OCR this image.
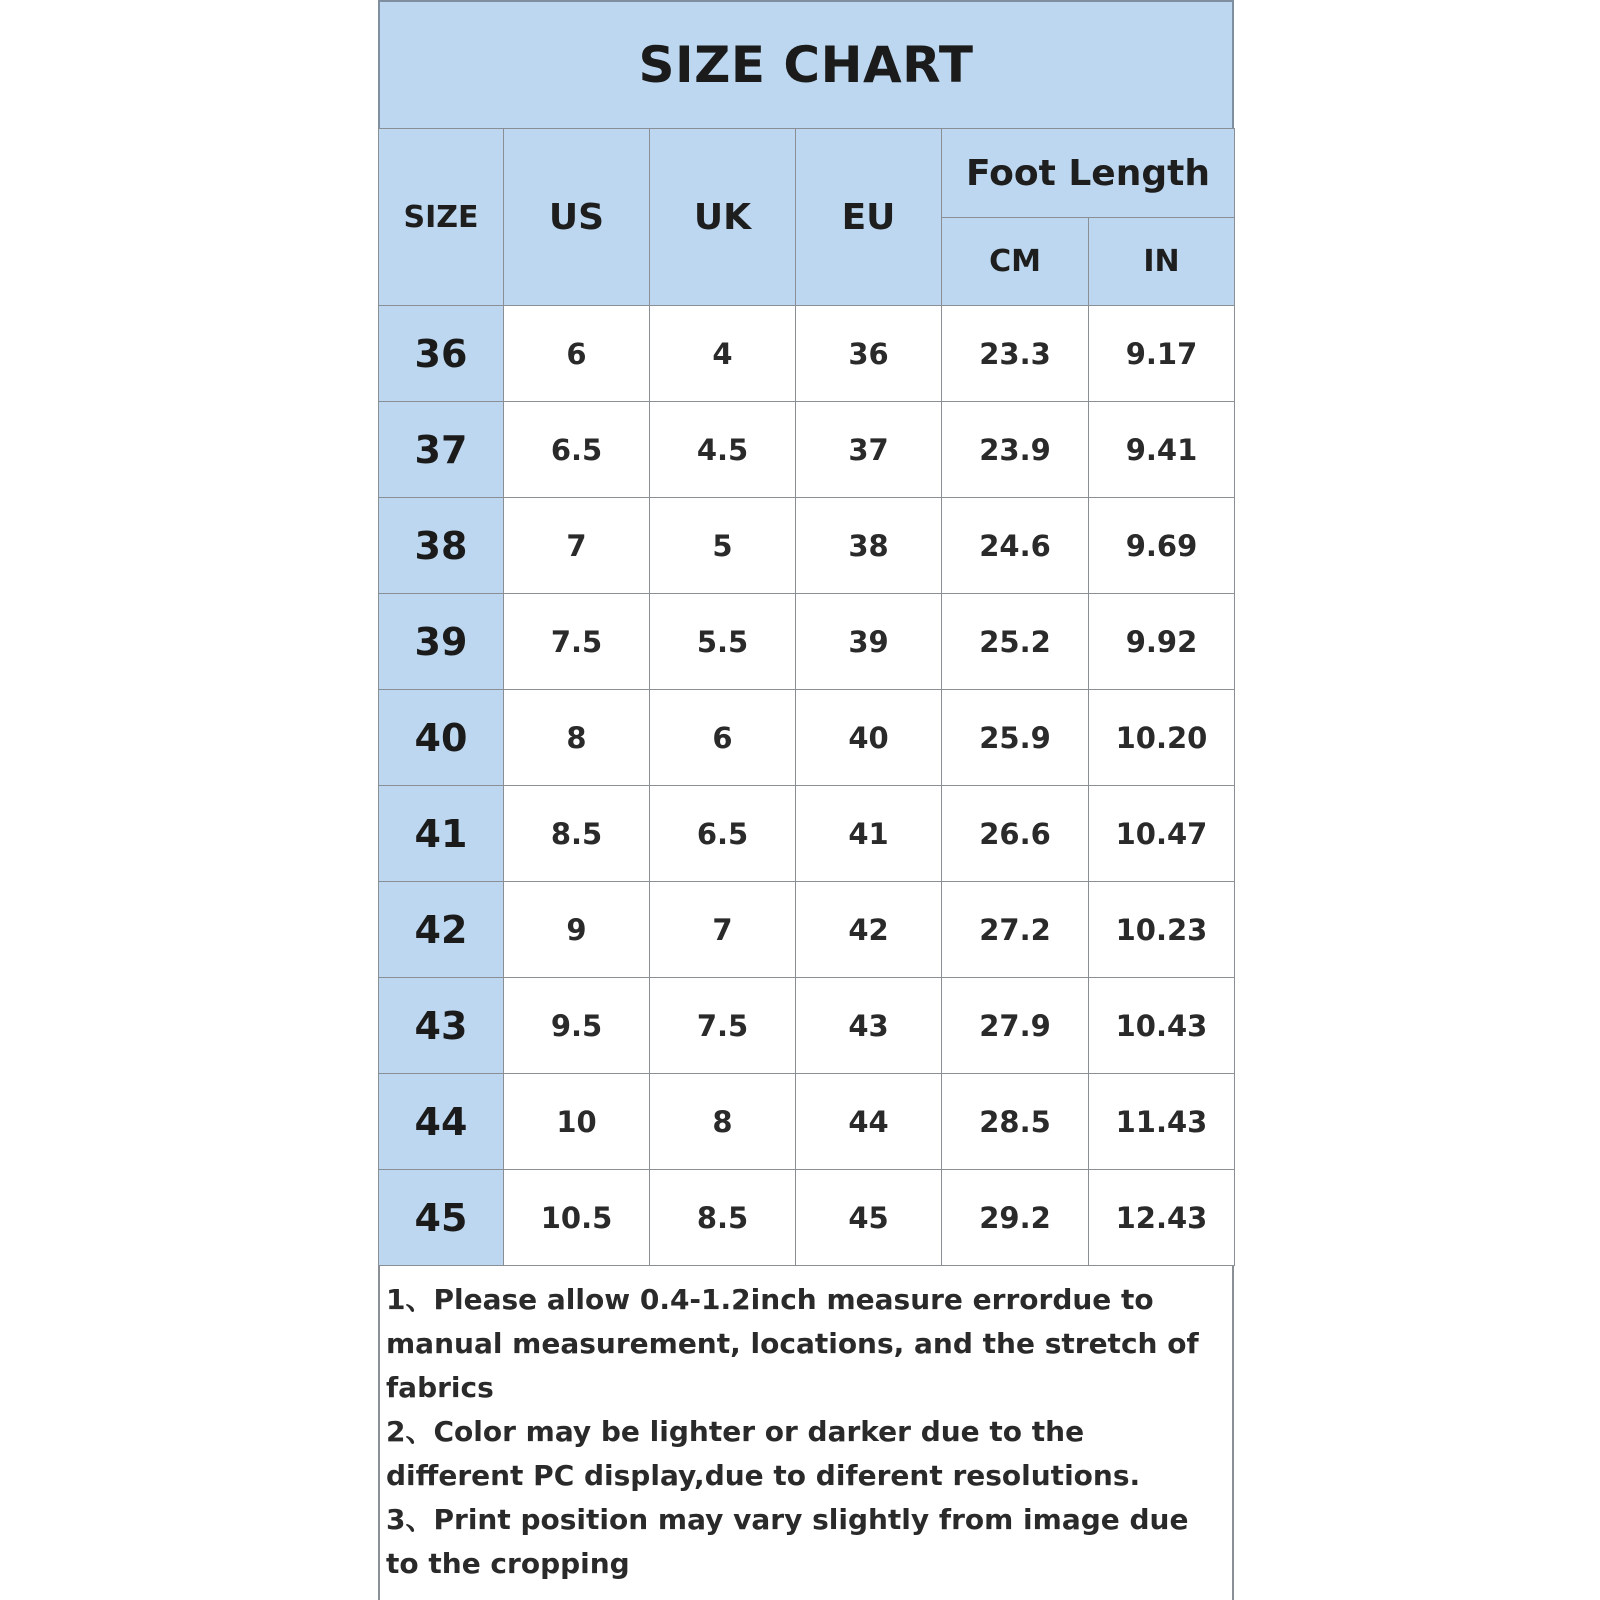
SIZE CHART
SIZE	US	UK	EU	Foot Length	
				CM	IN
36	6	4	36	23.3	9.17
37	6.5	4.5	37	23.9	9.41
38	7	5	38	24.6	9.69
39	7.5	5.5	39	25.2	9.92
40	8	6	40	25.9	10.20
41	8.5	6.5	41	26.6	10.47
42	9	7	42	27.2	10.23
43	9.5	7.5	43	27.9	10.43
44	10	8	44	28.5	11.43
45	10.5	8.5	45	29.2	12.43

1、Please allow 0.4-1.2inch measure errordue to manual measurement, locations, and the stretch of fabrics

2、Color may be lighter or darker due to the different PC display,due to diferent resolutions.

3、Print position may vary slightly from image due to the cropping
